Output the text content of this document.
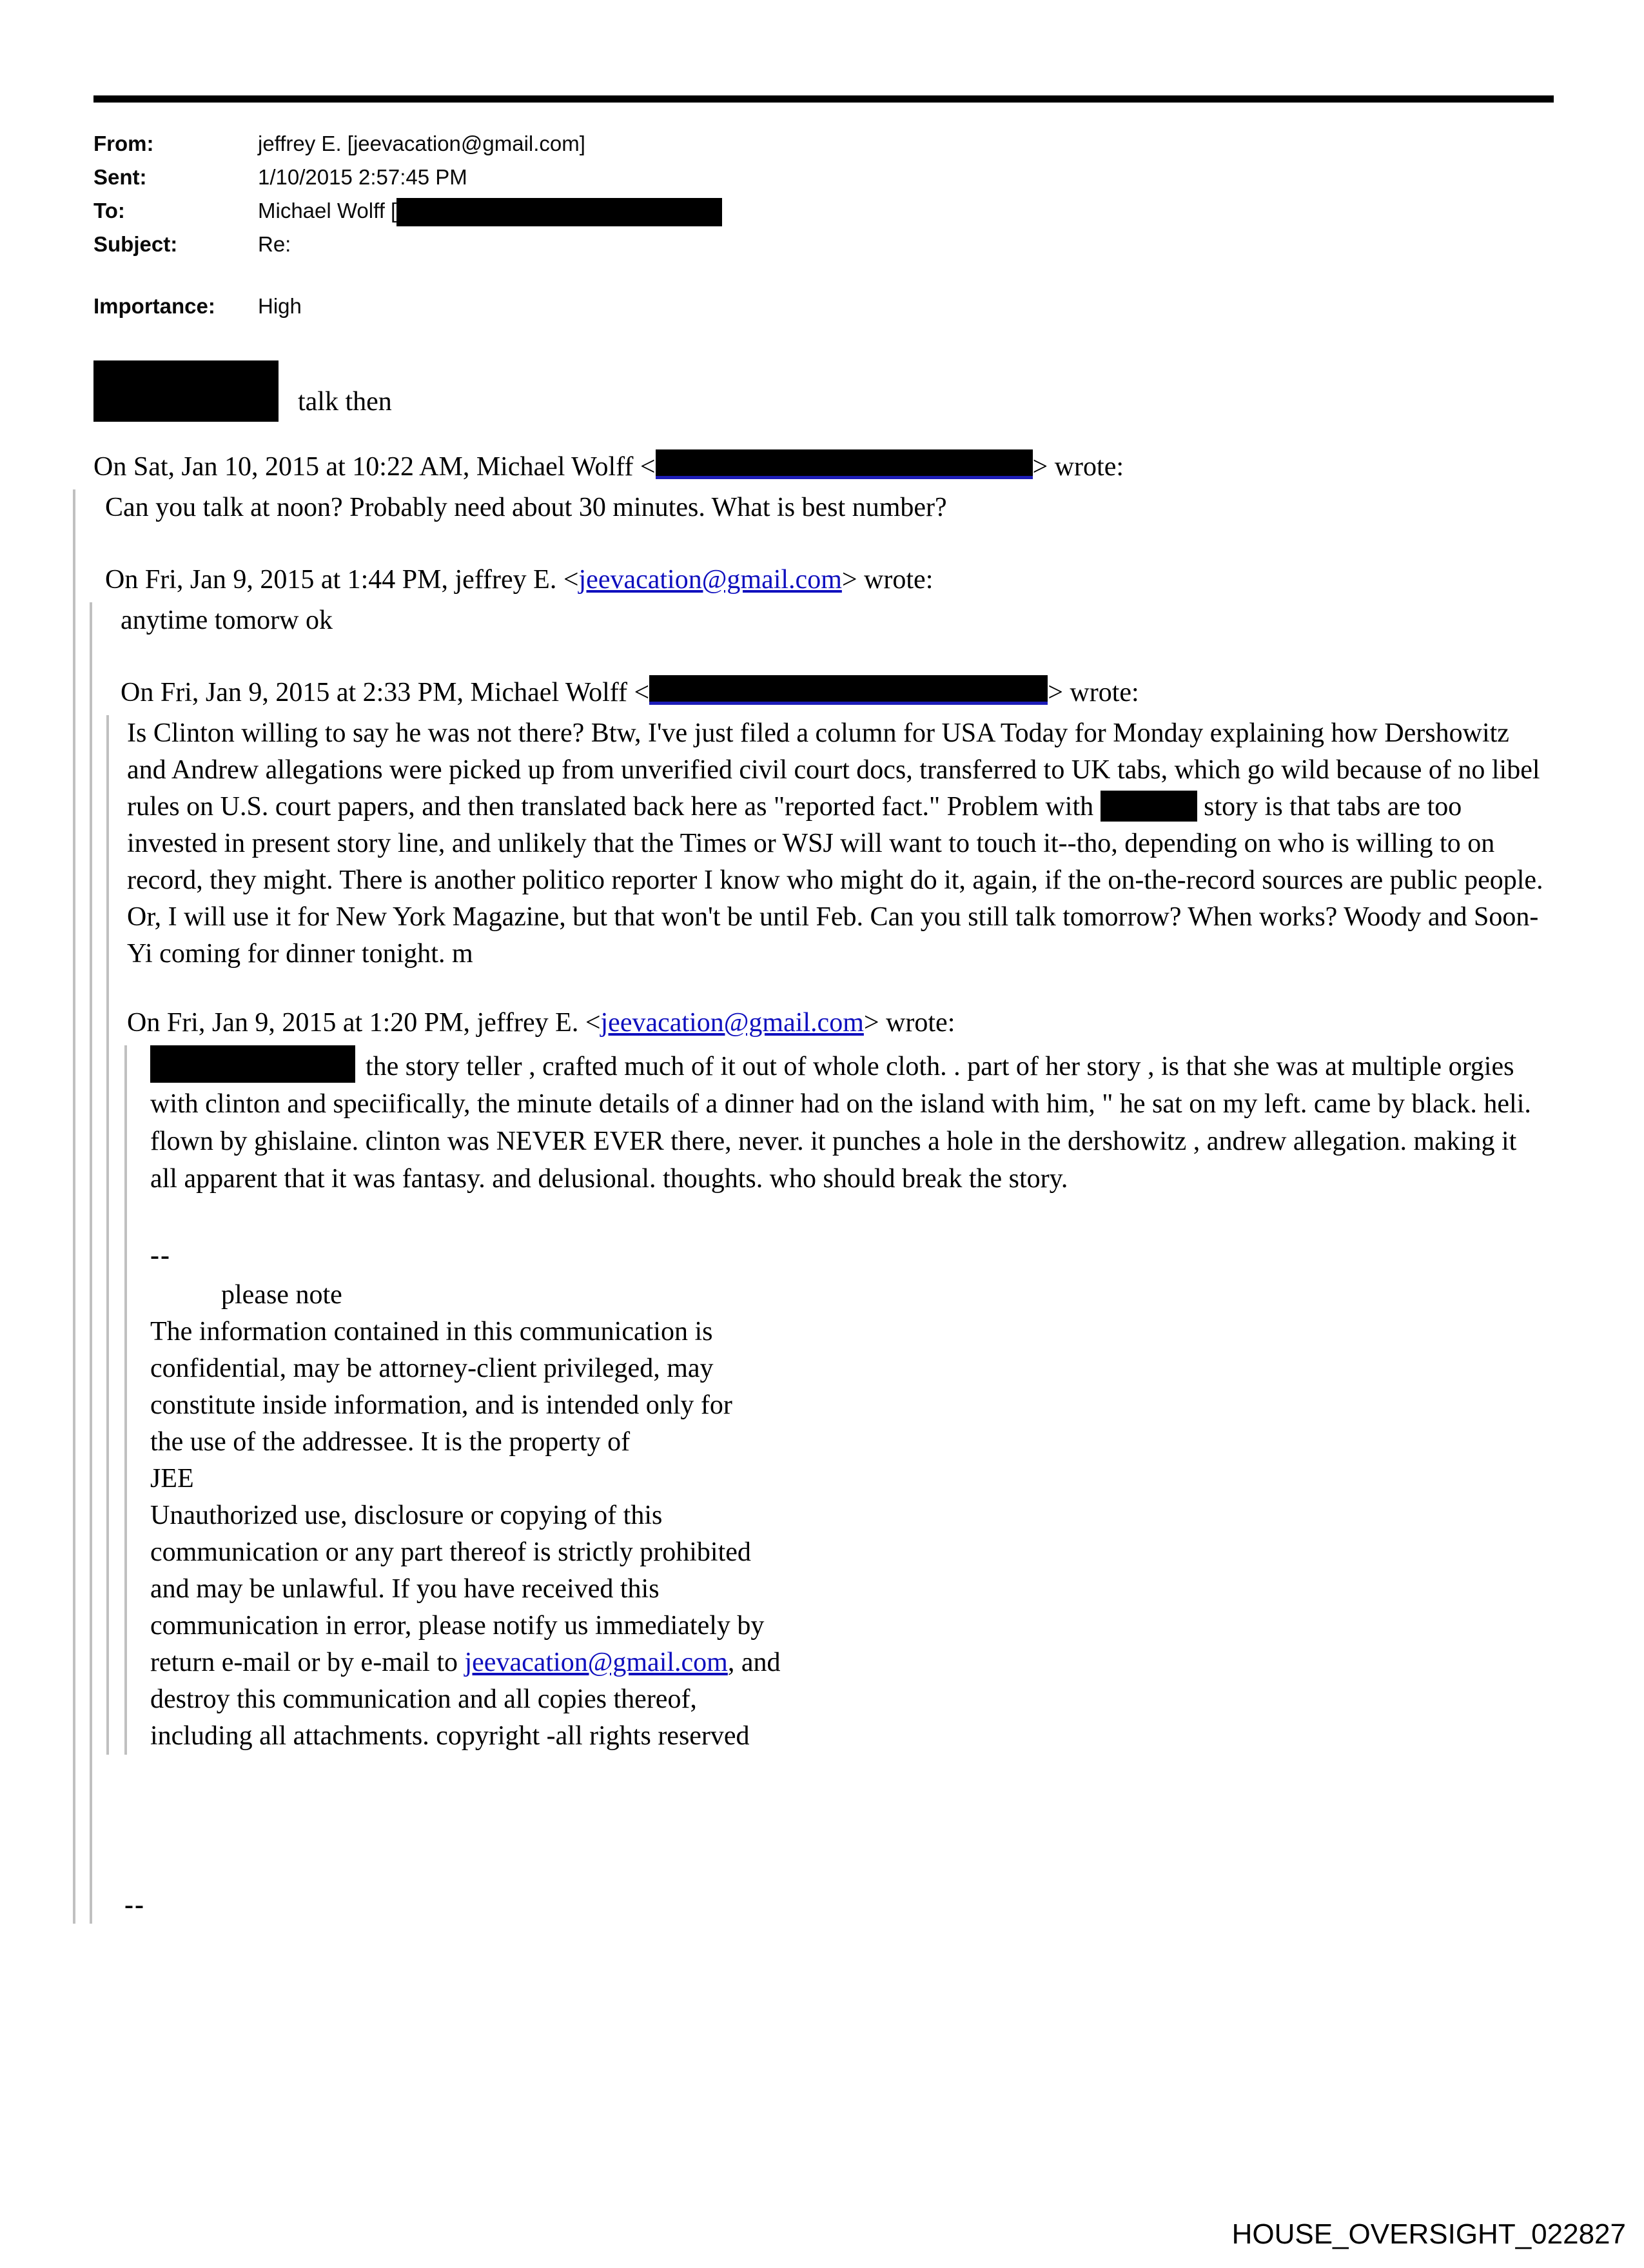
From:	jeffrey E. [jeevacation@gmail.com]
Sent:	1/10/2015 2:57:45 PM
To:	Michael Wolff [
Subject:	Re:
Importance:	High
talk then
On Sat, Jan 10, 2015 at 10:22 AM, Michael Wolff <	> wrote:
Can you talk at noon? Probably need about 30 minutes. What is best number?
On Fri, Jan 9, 2015 at 1:44 PM, jeffrey E. <jeevacation@gmail.com> wrote:
anytime tomorw ok
On Fri, Jan 9, 2015 at 2:33 PM, Michael Wolff <	> wrote:
Is Clinton willing to say he was not there? Btw, I've just filed a column for USA Today for Monday explaining how Dershowitz and Andrew allegations were picked up from unverified civil court docs, transferred to UK tabs, which go wild because of no libel rules on U.S. court papers, and then translated back here as "reported fact." Problem with	story is that tabs are too invested in present story line, and unlikely that the Times or WSJ will want to touch it--tho, depending on who is willing to on record, they might. There is another politico reporter I know who might do it, again, if the on-the-record sources are public people. Or, I will use it for New York Magazine, but that won't be until Feb. Can you still talk tomorrow? When works? Woody and Soon-Yi coming for dinner tonight. m
On Fri, Jan 9, 2015 at 1:20 PM, jeffrey E. <jeevacation@gmail.com> wrote:
the story teller , crafted much of it out of whole cloth. . part of her story , is that she was at multiple orgies with clinton and speciifically, the minute details of a dinner had on the island with him, " he sat on my left. came by black. heli. flown by ghislaine. clinton was NEVER EVER there, never. it punches a hole in the dershowitz , andrew allegation. making it all apparent that it was fantasy. and delusional. thoughts. who should break the story.
--
please note
The information contained in this communication is
confidential, may be attorney-client privileged, may
constitute inside information, and is intended only for
the use of the addressee. It is the property of
JEE
Unauthorized use, disclosure or copying of this
communication or any part thereof is strictly prohibited
and may be unlawful. If you have received this
communication in error, please notify us immediately by
return e-mail or by e-mail to jeevacation@gmail.com, and
destroy this communication and all copies thereof,
including all attachments. copyright -all rights reserved
--
HOUSE_OVERSIGHT_022827
